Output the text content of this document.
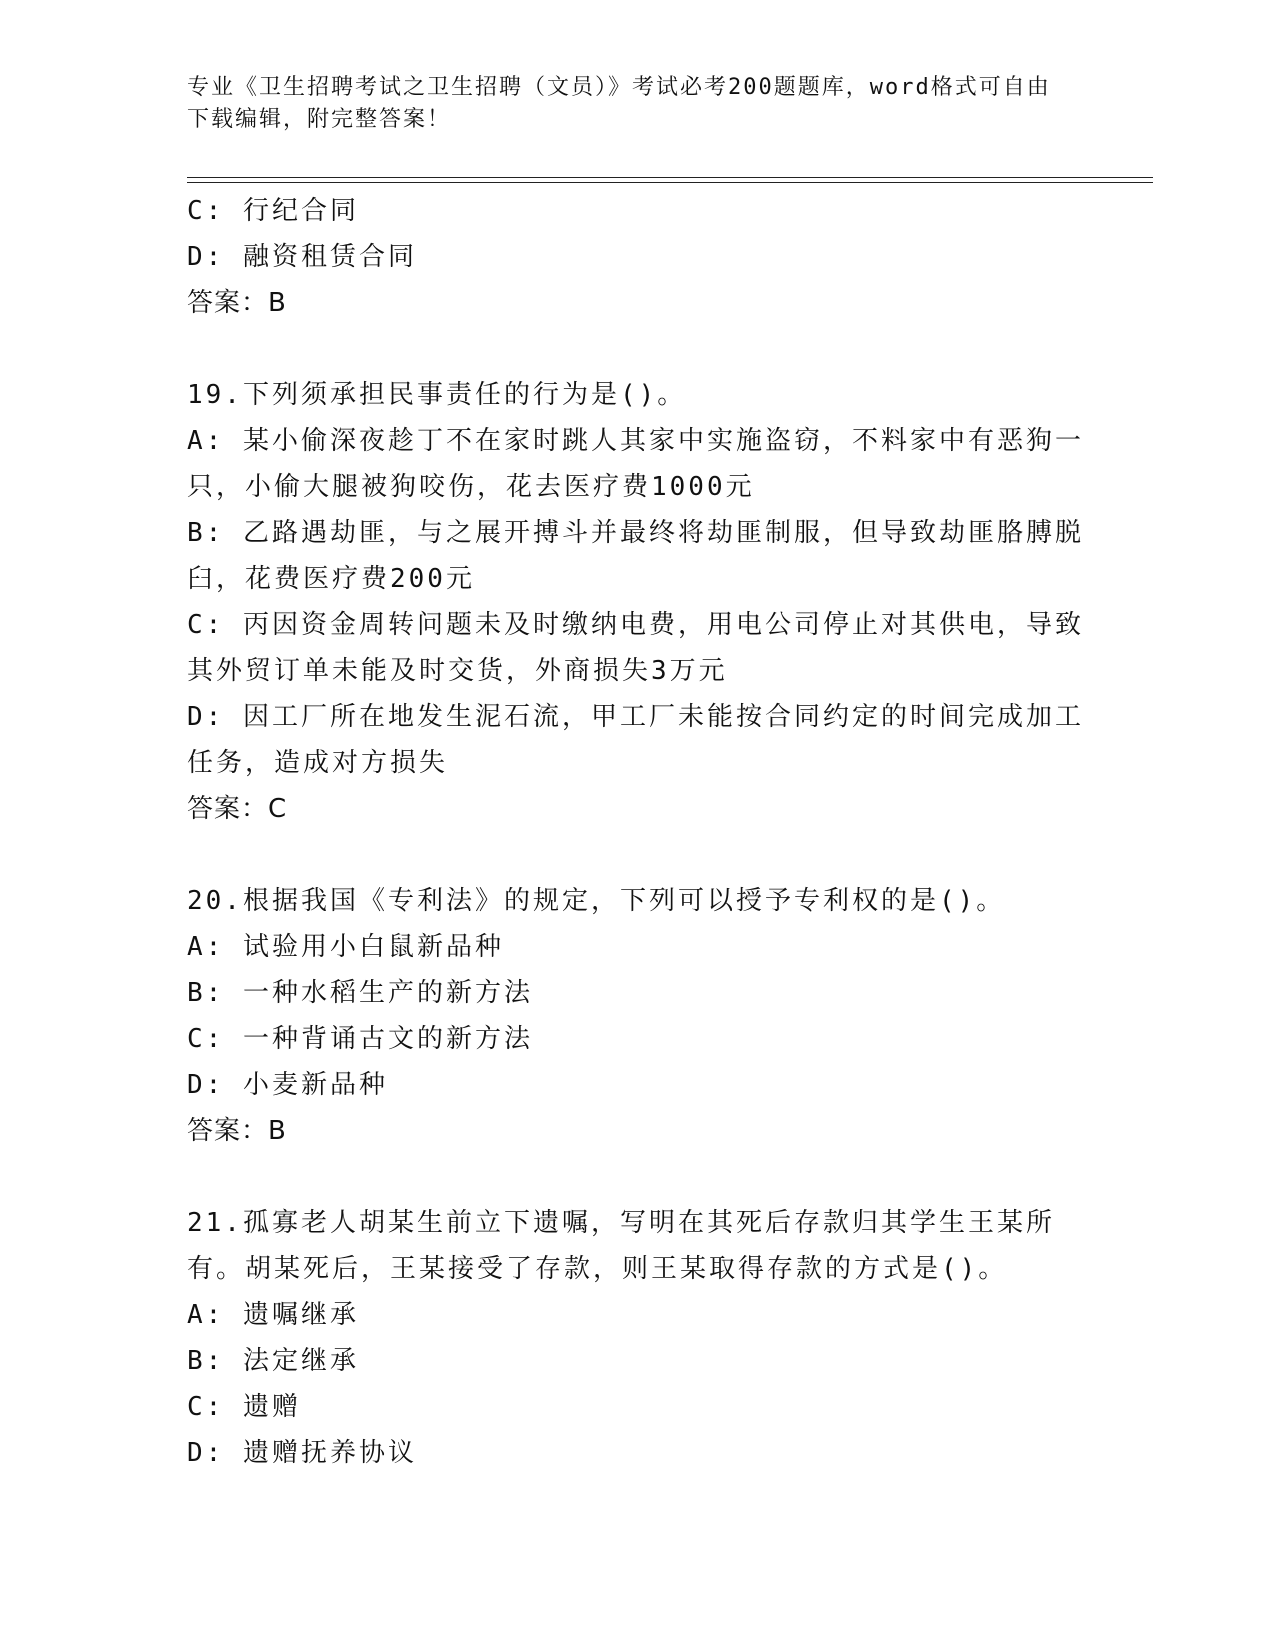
专业《卫生招聘考试之卫生招聘（文员）》考试必考200题题库，word格式可自由下载编辑，附完整答案！
C: 行纪合同
D: 融资租赁合同
答案：B
19.下列须承担民事责任的行为是()。
A: 某小偷深夜趁丁不在家时跳人其家中实施盗窃，不料家中有恶狗一只，小偷大腿被狗咬伤，花去医疗费1000元
B: 乙路遇劫匪，与之展开搏斗并最终将劫匪制服，但导致劫匪胳膊脱臼，花费医疗费200元
C: 丙因资金周转问题未及时缴纳电费，用电公司停止对其供电，导致其外贸订单未能及时交货，外商损失3万元
D: 因工厂所在地发生泥石流，甲工厂未能按合同约定的时间完成加工任务，造成对方损失
答案：C
20.根据我国《专利法》的规定，下列可以授予专利权的是()。
A: 试验用小白鼠新品种
B: 一种水稻生产的新方法
C: 一种背诵古文的新方法
D: 小麦新品种
答案：B
21.孤寡老人胡某生前立下遗嘱，写明在其死后存款归其学生王某所有。胡某死后，王某接受了存款，则王某取得存款的方式是()。
A: 遗嘱继承
B: 法定继承
C: 遗赠
D: 遗赠抚养协议
